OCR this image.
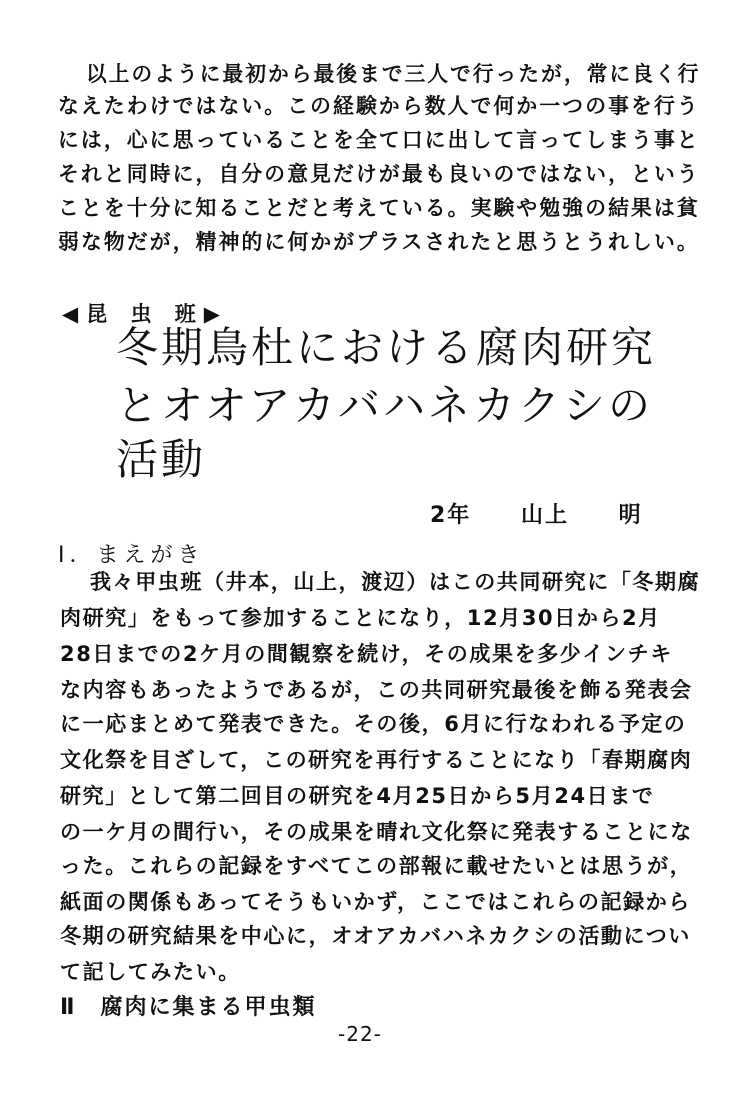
以上のように最初から最後まで三人で行ったが，常に良く行
なえたわけではない。この経験から数人で何か一つの事を行う
には，心に思っていることを全て口に出して言ってしまう事と
それと同時に，自分の意見だけが最も良いのではない，という
ことを十分に知ることだと考えている。実験や勉強の結果は貧
弱な物だが，精神的に何かがプラスされたと思うとうれしい。
◀昆 虫 班▶
冬期鳥杜における腐肉研究
とオオアカバハネカクシの
活動
2年 山上 明
Ⅰ．まえがき
我々甲虫班（井本，山上，渡辺）はこの共同研究に「冬期腐
肉研究」をもって参加することになり，12月30日から2月
28日までの2ケ月の間観察を続け，その成果を多少インチキ
な内容もあったようであるが，この共同研究最後を飾る発表会
に一応まとめて発表できた。その後，6月に行なわれる予定の
文化祭を目ざして，この研究を再行することになり「春期腐肉
研究」として第二回目の研究を4月25日から5月24日まで
の一ケ月の間行い，その成果を晴れ文化祭に発表することにな
った。これらの記録をすべてこの部報に載せたいとは思うが，
紙面の関係もあってそうもいかず，ここではこれらの記録から
冬期の研究結果を中心に，オオアカバハネカクシの活動につい
て記してみたい。
Ⅱ　腐肉に集まる甲虫類
-22-
